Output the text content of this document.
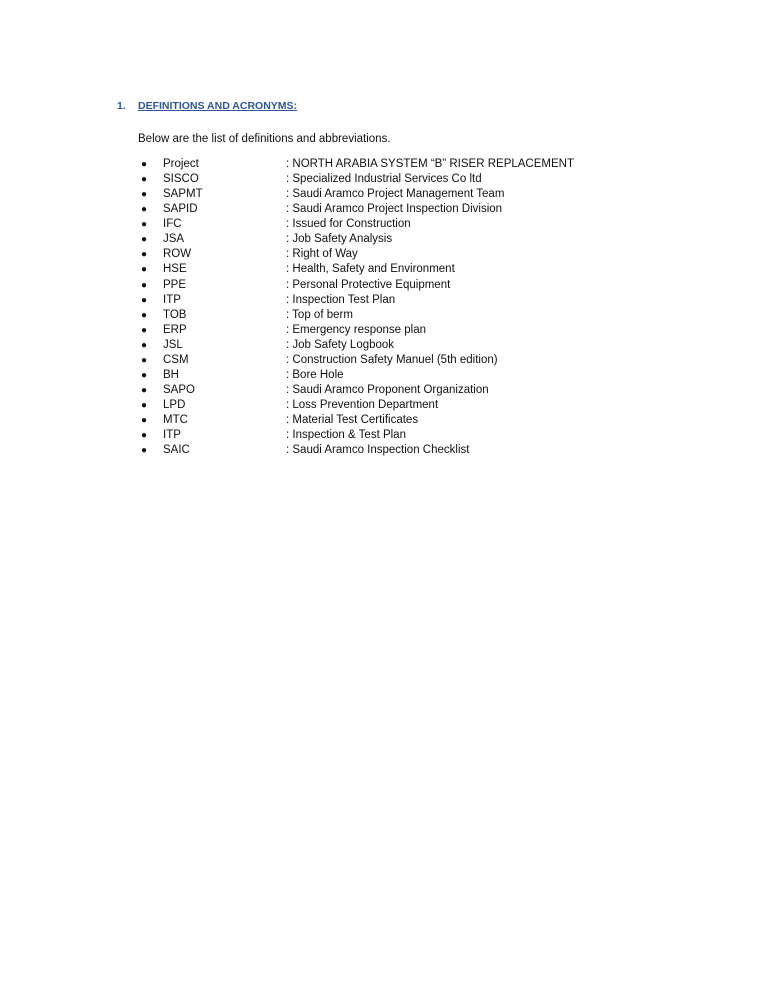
1. DEFINITIONS AND ACRONYMS:
Below are the list of definitions and abbreviations.
● Project	: NORTH ARABIA SYSTEM “B” RISER REPLACEMENT
● SISCO	: Specialized Industrial Services Co ltd
● SAPMT	: Saudi Aramco Project Management Team
● SAPID	: Saudi Aramco Project Inspection Division
● IFC	: Issued for Construction
● JSA	: Job Safety Analysis
● ROW	: Right of Way
● HSE	: Health, Safety and Environment
● PPE	: Personal Protective Equipment
● ITP	: Inspection Test Plan
● TOB	: Top of berm
● ERP	: Emergency response plan
● JSL	: Job Safety Logbook
● CSM	: Construction Safety Manuel (5th edition)
● BH	: Bore Hole
● SAPO	: Saudi Aramco Proponent Organization
● LPD	: Loss Prevention Department
● MTC	: Material Test Certificates
● ITP	: Inspection & Test Plan
● SAIC	: Saudi Aramco Inspection Checklist
